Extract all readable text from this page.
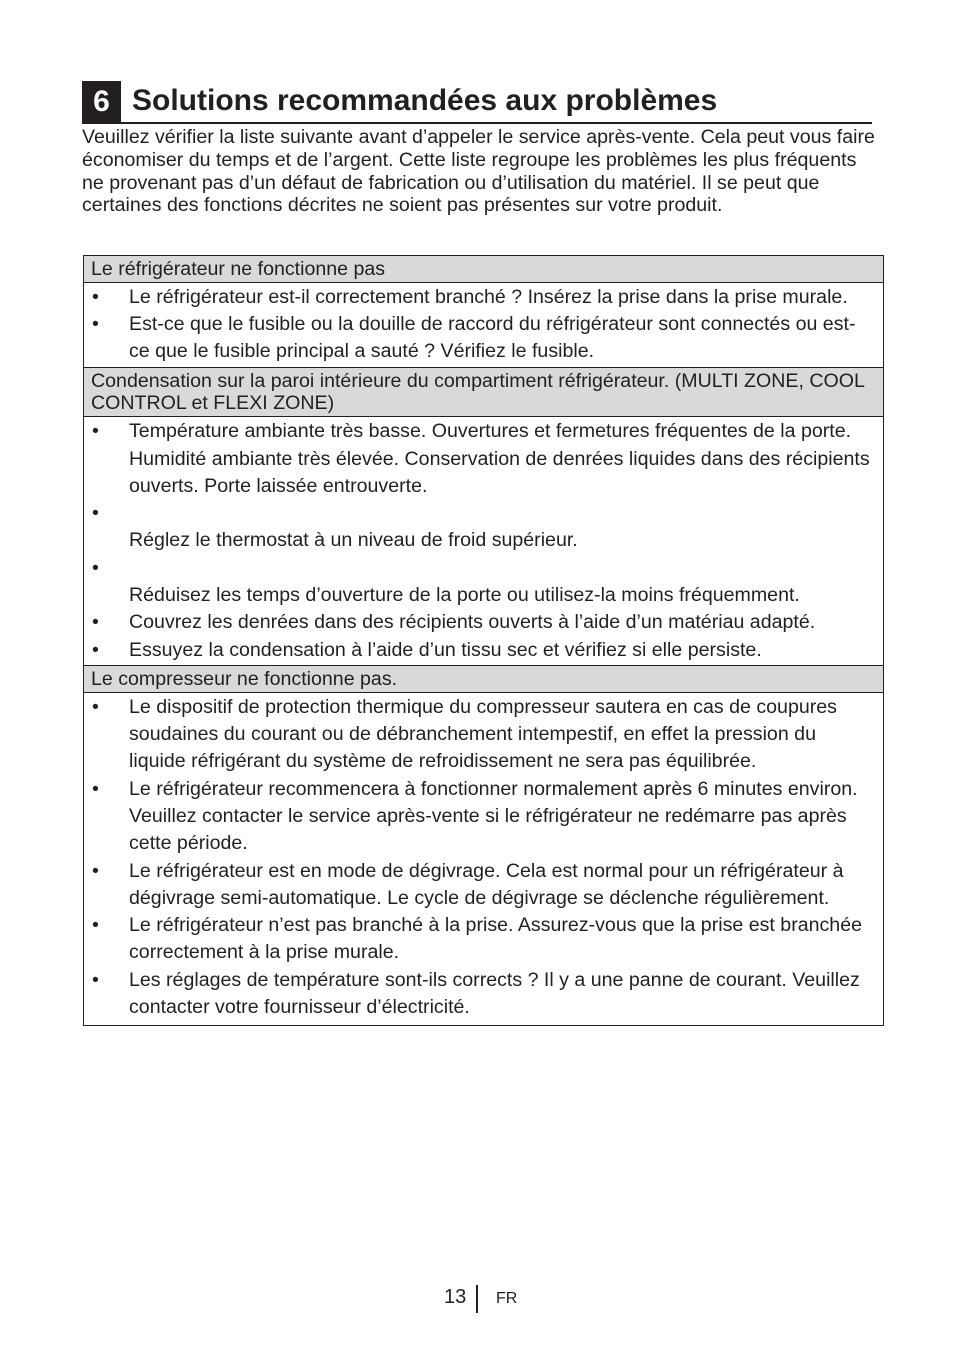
6 Solutions recommandées aux problèmes
Veuillez vérifier la liste suivante avant d’appeler le service après-vente. Cela peut vous faire économiser du temps et de l’argent. Cette liste regroupe les problèmes les plus fréquents ne provenant pas d’un défaut de fabrication ou d’utilisation du matériel. Il se peut que certaines des fonctions décrites ne soient pas présentes sur votre produit.
Le réfrigérateur ne fonctionne pas
• Le réfrigérateur est-il correctement branché ? Insérez la prise dans la prise murale.
• Est-ce que le fusible ou la douille de raccord du réfrigérateur sont connectés ou est-ce que le fusible principal a sauté ? Vérifiez le fusible.
Condensation sur la paroi intérieure du compartiment réfrigérateur. (MULTI ZONE, COOL CONTROL et FLEXI ZONE)
• Température ambiante très basse. Ouvertures et fermetures fréquentes de la porte. Humidité ambiante très élevée. Conservation de denrées liquides dans des récipients ouverts. Porte laissée entrouverte.
•

Réglez le thermostat à un niveau de froid supérieur.
•

Réduisez les temps d’ouverture de la porte ou utilisez-la moins fréquemment.
• Couvrez les denrées dans des récipients ouverts à l’aide d’un matériau adapté.
• Essuyez la condensation à l’aide d’un tissu sec et vérifiez si elle persiste.
Le compresseur ne fonctionne pas.
• Le dispositif de protection thermique du compresseur sautera en cas de coupures soudaines du courant ou de débranchement intempestif, en effet la pression du liquide réfrigérant du système de refroidissement ne sera pas équilibrée.
• Le réfrigérateur recommencera à fonctionner normalement après 6 minutes environ. Veuillez contacter le service après-vente si le réfrigérateur ne redémarre pas après cette période.
• Le réfrigérateur est en mode de dégivrage. Cela est normal pour un réfrigérateur à dégivrage semi-automatique. Le cycle de dégivrage se déclenche régulièrement.
• Le réfrigérateur n’est pas branché à la prise. Assurez-vous que la prise est branchée correctement à la prise murale.
• Les réglages de température sont-ils corrects ? Il y a une panne de courant. Veuillez contacter votre fournisseur d’électricité.
13 FR
